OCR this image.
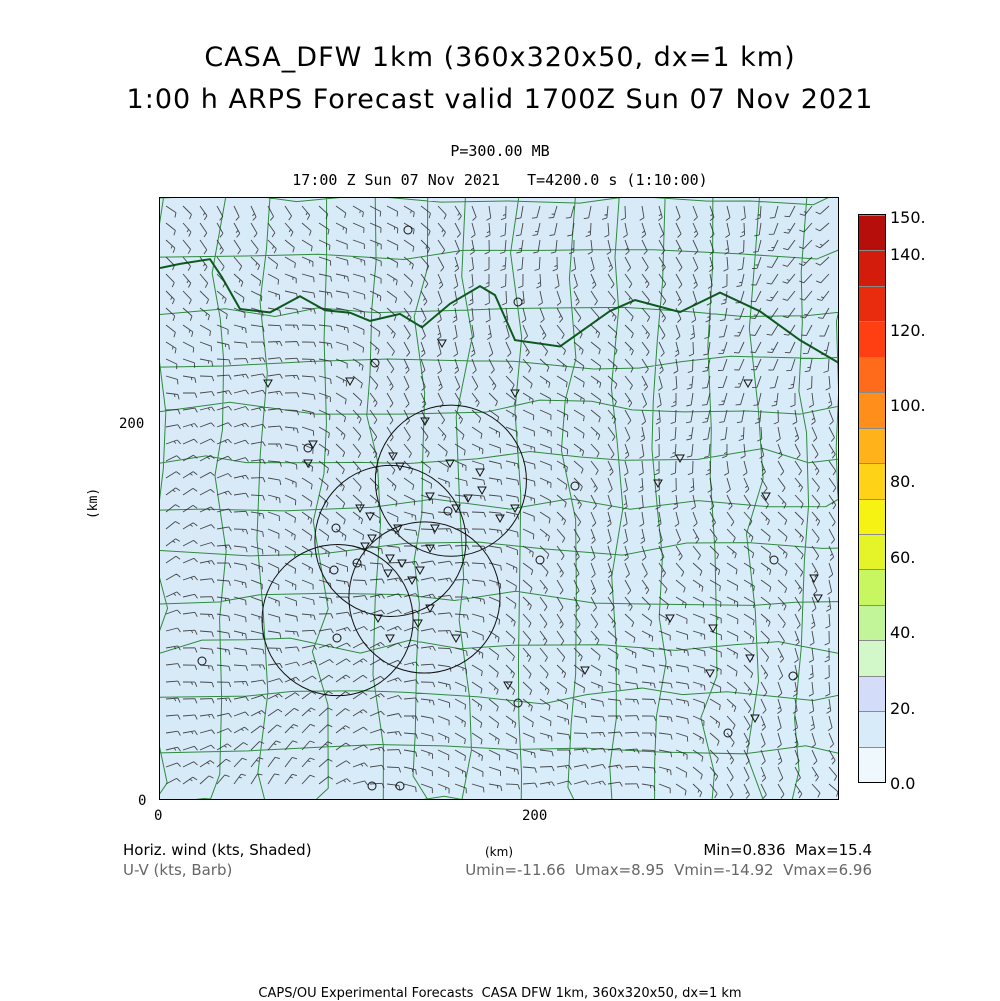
CASA_DFW 1km (360x320x50, dx=1 km)
1:00 h ARPS Forecast valid 1700Z Sun 07 Nov 2021
P=300.00 MB
17:00 Z Sun 07 Nov 2021   T=4200.0 s (1:10:00)
200
0
(km)
0	200
150.
140.
120.
100.
80.
60.
40.
20.
0.0
Horiz. wind (kts, Shaded)
U-V (kts, Barb)
(km)	Min=0.836  Max=15.4
Umin=-11.66  Umax=8.95  Vmin=-14.92  Vmax=6.96
CAPS/OU Experimental Forecasts  CASA DFW 1km, 360x320x50, dx=1 km
